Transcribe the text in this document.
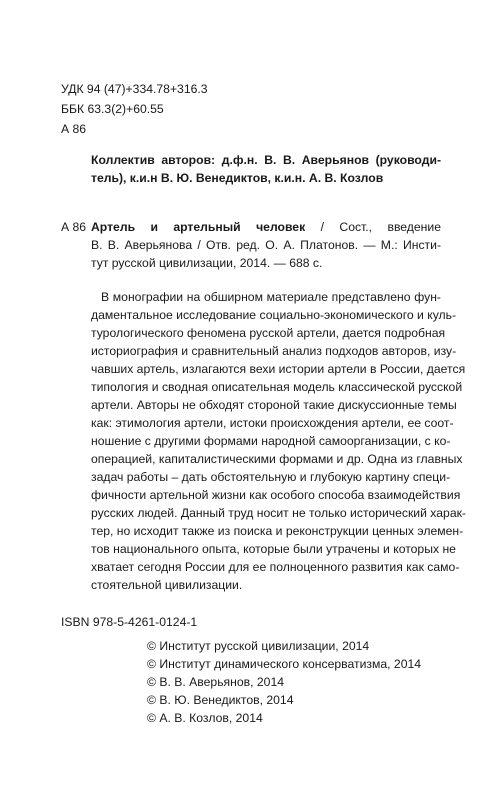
УДК 94 (47)+334.78+316.3
ББК 63.3(2)+60.55
А 86
Коллектив авторов: д.ф.н. В. В. Аверьянов (руководи-
тель), к.и.н В. Ю. Венедиктов, к.и.н. А. В. Козлов
А 86 Артель и артельный человек / Сост., введение
В. В. Аверьянова / Отв. ред. О. А. Платонов. — М.: Инсти-
тут русской цивилизации, 2014. — 688 с.
В монографии на обширном материале представлено фун-
даментальное исследование социально-экономического и куль-
турологического феномена русской артели, дается подробная
историография и сравнительный анализ подходов авторов, изу-
чавших артель, излагаются вехи истории артели в России, дается
типология и сводная описательная модель классической русской
артели. Авторы не обходят стороной такие дискуссионные темы
как: этимология артели, истоки происхождения артели, ее соот-
ношение с другими формами народной самоорганизации, с ко-
операцией, капиталистическими формами и др. Одна из главных
задач работы – дать обстоятельную и глубокую картину специ-
фичности артельной жизни как особого способа взаимодействия
русских людей. Данный труд носит не только исторический харак-
тер, но исходит также из поиска и реконструкции ценных элемен-
тов национального опыта, которые были утрачены и которых не
хватает сегодня России для ее полноценного развития как само-
стоятельной цивилизации.
ISBN 978-5-4261-0124-1
© Институт русской цивилизации, 2014
© Институт динамического консерватизма, 2014
© В. В. Аверьянов, 2014
© В. Ю. Венедиктов, 2014
© А. В. Козлов, 2014
